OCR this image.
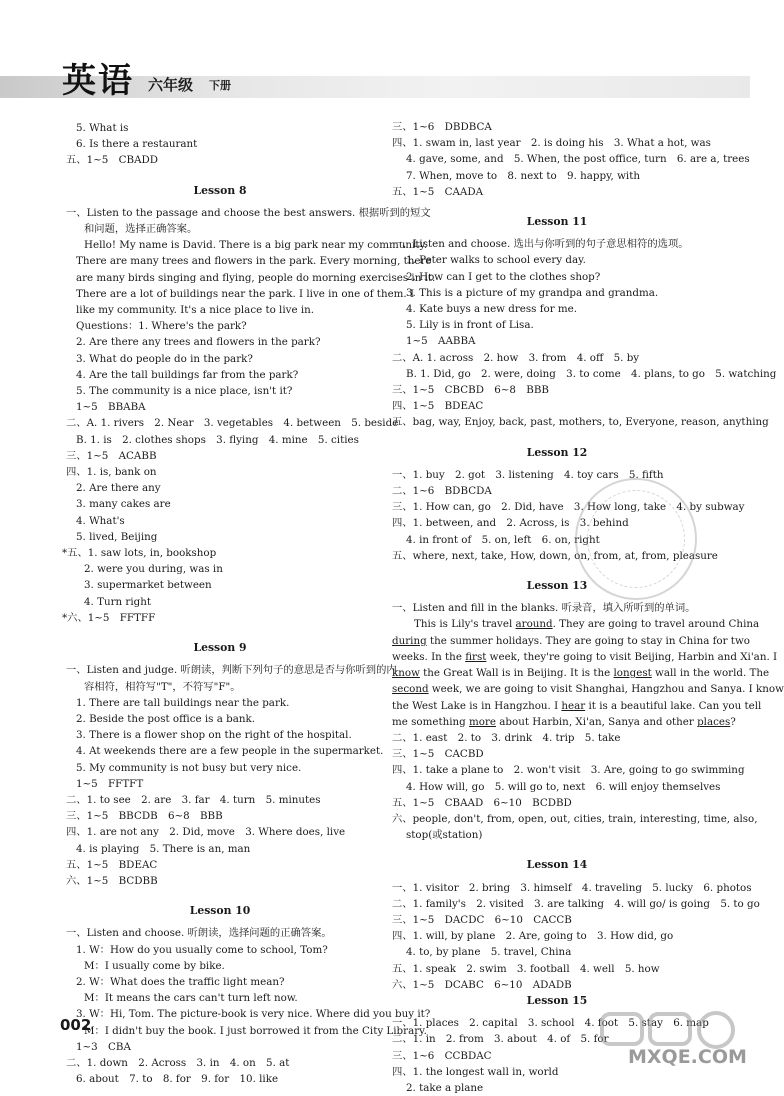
英语 六年级 下册
5. What is
6. Is there a restaurant
五、1~5　CBADD
Lesson 8
一、Listen to the passage and choose the best answers. 根据听到的短文
和问题，选择正确答案。
Hello! My name is David. There is a big park near my community.
There are many trees and flowers in the park. Every morning, there
are many birds singing and flying, people do morning exercises in it.
There are a lot of buildings near the park. I live in one of them. I
like my community. It's a nice place to live in.
Questions：1. Where's the park?
2. Are there any trees and flowers in the park?
3. What do people do in the park?
4. Are the tall buildings far from the park?
5. The community is a nice place, isn't it?
1~5　BBABA
二、A. 1. rivers　2. Near　3. vegetables　4. between　5. beside
B. 1. is　2. clothes shops　3. flying　4. mine　5. cities
三、1~5　ACABB
四、1. is, bank on
2. Are there any
3. many cakes are
4. What's
5. lived, Beijing
*五、1. saw lots, in, bookshop
2. were you during, was in
3. supermarket between
4. Turn right
*六、1~5　FFTFF
Lesson 9
一、Listen and judge. 听朗读，判断下列句子的意思是否与你听到的内
容相符，相符写"T"，不符写"F"。
1. There are tall buildings near the park.
2. Beside the post office is a bank.
3. There is a flower shop on the right of the hospital.
4. At weekends there are a few people in the supermarket.
5. My community is not busy but very nice.
1~5　FFTFT
二、1. to see　2. are　3. far　4. turn　5. minutes
三、1~5　BBCDB　6~8　BBB
四、1. are not any　2. Did, move　3. Where does, live
4. is playing　5. There is an, man
五、1~5　BDEAC
六、1~5　BCDBB
Lesson 10
一、Listen and choose. 听朗读，选择问题的正确答案。
1. W：How do you usually come to school, Tom?
M：I usually come by bike.
2. W：What does the traffic light mean?
M：It means the cars can't turn left now.
3. W：Hi, Tom. The picture-book is very nice. Where did you buy it?
M：I didn't buy the book. I just borrowed it from the City Library.
1~3　CBA
二、1. down　2. Across　3. in　4. on　5. at
6. about　7. to　8. for　9. for　10. like
三、1~6　DBDBCA
四、1. swam in, last year　2. is doing his　3. What a hot, was
4. gave, some, and　5. When, the post office, turn　6. are a, trees
7. When, move to　8. next to　9. happy, with
五、1~5　CAADA
Lesson 11
一、Listen and choose. 选出与你听到的句子意思相符的选项。
1. Peter walks to school every day.
2. How can I get to the clothes shop?
3. This is a picture of my grandpa and grandma.
4. Kate buys a new dress for me.
5. Lily is in front of Lisa.
1~5　AABBA
二、A. 1. across　2. how　3. from　4. off　5. by
B. 1. Did, go　2. were, doing　3. to come　4. plans, to go　5. watching
三、1~5　CBCBD　6~8　BBB
四、1~5　BDEAC
五、bag, way, Enjoy, back, past, mothers, to, Everyone, reason, anything
Lesson 12
一、1. buy　2. got　3. listening　4. toy cars　5. fifth
二、1~6　BDBCDA
三、1. How can, go　2. Did, have　3. How long, take　4. by subway
四、1. between, and　2. Across, is　3. behind
4. in front of　5. on, left　6. on, right
五、where, next, take, How, down, on, from, at, from, pleasure
Lesson 13
一、Listen and fill in the blanks. 听录音，填入所听到的单词。
This is Lily's travel around. They are going to travel around China
during the summer holidays. They are going to stay in China for two
weeks. In the first week, they're going to visit Beijing, Harbin and Xi'an. I
know the Great Wall is in Beijing. It is the longest wall in the world. The
second week, we are going to visit Shanghai, Hangzhou and Sanya. I know
the West Lake is in Hangzhou. I hear it is a beautiful lake. Can you tell
me something more about Harbin, Xi'an, Sanya and other places?
二、1. east　2. to　3. drink　4. trip　5. take
三、1~5　CACBD
四、1. take a plane to　2. won't visit　3. Are, going to go swimming
4. How will, go　5. will go to, next　6. will enjoy themselves
五、1~5　CBAAD　6~10　BCDBD
六、people, don't, from, open, out, cities, train, interesting, time, also,
stop(或station)
Lesson 14
一、1. visitor　2. bring　3. himself　4. traveling　5. lucky　6. photos
二、1. family's　2. visited　3. are talking　4. will go/ is going　5. to go
三、1~5　DACDC　6~10　CACCB
四、1. will, by plane　2. Are, going to　3. How did, go
4. to, by plane　5. travel, China
五、1. speak　2. swim　3. football　4. well　5. how
六、1~5　DCABC　6~10　ADADB
Lesson 15
一、1. places　2. capital　3. school　4. foot　5. stay　6. map
二、1. in　2. from　3. about　4. of　5. for
三、1~6　CCBDAC
四、1. the longest wall in, world
2. take a plane
002
MXQE.COM
